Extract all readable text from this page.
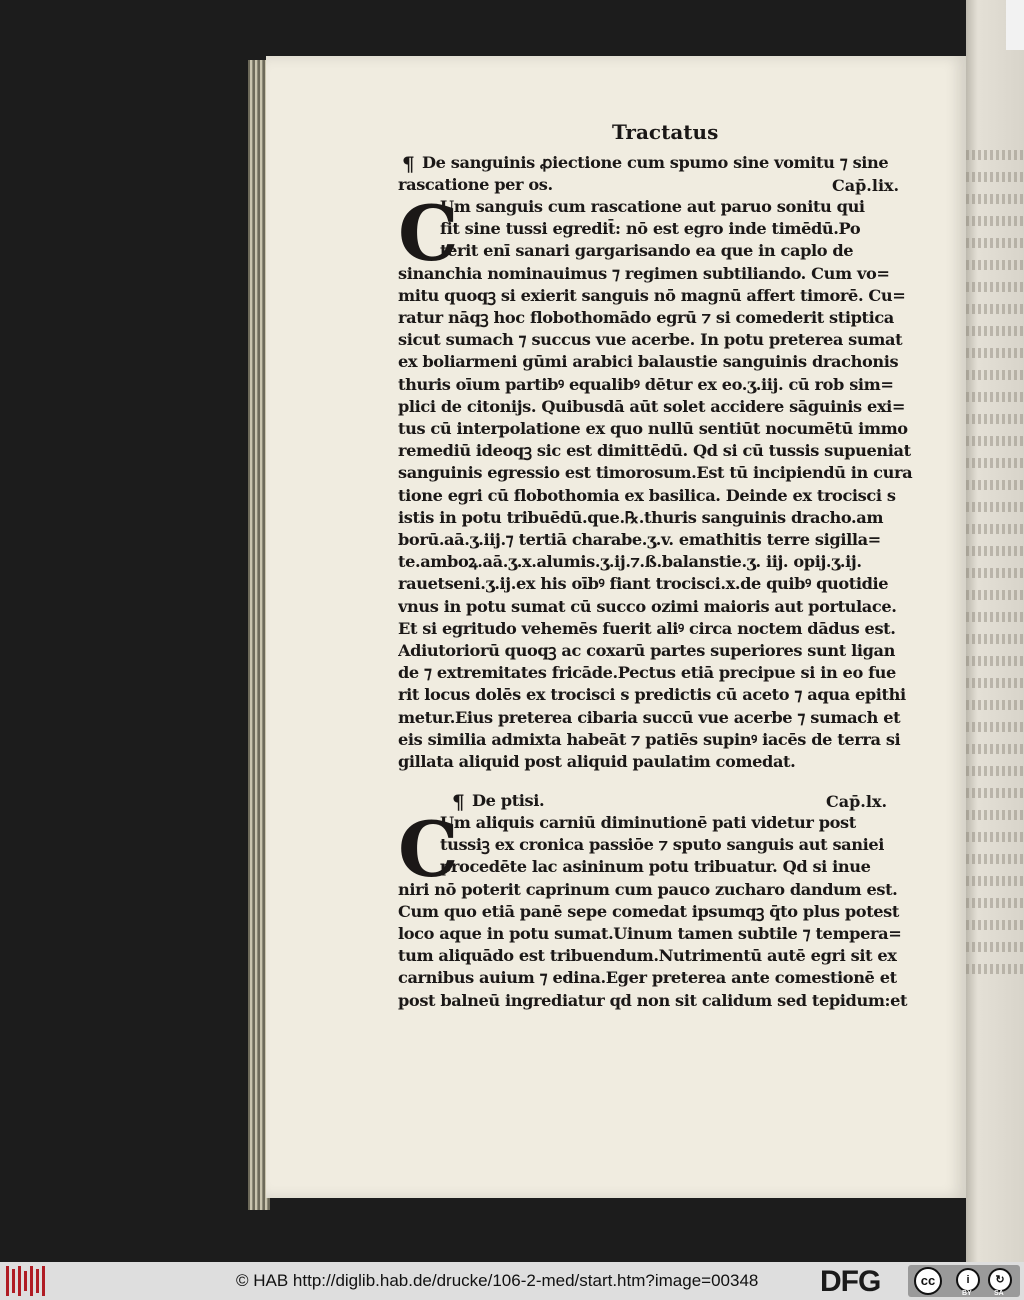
Tractatus
¶ De sanguinis ꝓiectione cum spumo sine vomitu ⁊ sine
rascatione per os.	Cap̄.lix.
C
Um sanguis cum rascatione aut paruo sonitu qui
fit sine tussi egredit̄: nō est egro inde timēdū.Po
terit enī sanari gargarisando ea que in caplo de
sinanchia nominauimus ⁊ regimen subtiliando. Cum vo=
mitu quoqꝫ si exierit sanguis nō magnū affert timorē. Cu=
ratur nāqꝫ hoc flobothomādo egrū ⁊ si comederit stiptica
sicut sumach ⁊ succus vue acerbe. In potu preterea sumat
ex boliarmeni gūmi arabici balaustie sanguinis drachonis
thuris oīum partibꝰ equalibꝰ dētur ex eo.ʒ.iij. cū rob sim=
plici de citonijs. Quibusdā aūt solet accidere sāguinis exi=
tus cū interpolatione ex quo nullū sentiūt nocumētū immo
remediū ideoqꝫ sic est dimittēdū. Qd si cū tussis supueniat
sanguinis egressio est timorosum.Est tū incipiendū in cura
tione egri cū flobothomia ex basilica. Deinde ex trocisci s
istis in potu tribuēdū.que.℞.thuris sanguinis dracho.am
borū.aā.ʒ.iij.⁊ tertiā charabe.ʒ.v. emathitis terre sigilla=
te.amboꝝ.aā.ʒ.x.alumis.ʒ.ij.⁊.ß.balanstie.ʒ. iij. opij.ʒ.ij.
rauetseni.ʒ.ij.ex his oībꝰ fiant trocisci.x.de quibꝰ quotidie
vnus in potu sumat cū succo ozimi maioris aut portulace.
Et si egritudo vehemēs fuerit aliꝰ circa noctem dādus est.
Adiutoriorū quoqꝫ ac coxarū partes superiores sunt ligan
de ⁊ extremitates fricāde.Pectus etiā precipue si in eo fue
rit locus dolēs ex trocisci s predictis cū aceto ⁊ aqua epithi
metur.Eius preterea cibaria succū vue acerbe ⁊ sumach et
eis similia admixta habeāt ⁊ patiēs supinꝰ iacēs de terra si
gillata aliquid post aliquid paulatim comedat.
¶ De ptisi.	Cap̄.lx.
C
Um aliquis carniū diminutionē pati videtur post
tussiꝫ ex cronica passiōe ⁊ sputo sanguis aut saniei
procedēte lac asininum potu tribuatur. Qd si inue
niri nō poterit caprinum cum pauco zucharo dandum est.
Cum quo etiā panē sepe comedat ipsumqꝫ q̄to plus potest
loco aque in potu sumat.Uinum tamen subtile ⁊ tempera=
tum aliquādo est tribuendum.Nutrimentū autē egri sit ex
carnibus auium ⁊ edina.Eger preterea ante comestionē et
post balneū ingrediatur qd non sit calidum sed tepidum:et
© HAB http://diglib.hab.de/drucke/106-2-med/start.htm?image=00348 DFG	cc	i	↻
BY	SA
